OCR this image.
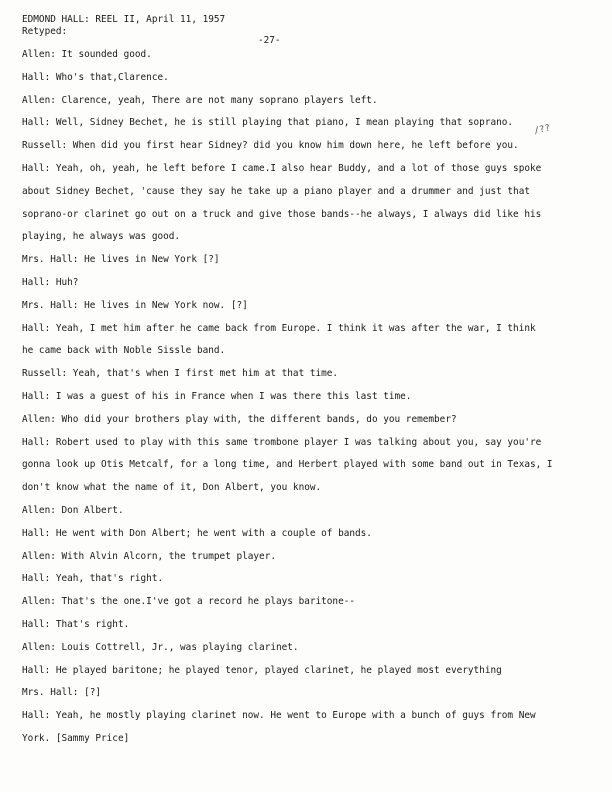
EDMOND HALL: REEL II, April 11, 1957
Retyped:
-27-
/??
Allen: It sounded good.
Hall: Who's that,Clarence.
Allen: Clarence, yeah, There are not many soprano players left.
Hall: Well, Sidney Bechet, he is still playing that piano, I mean playing that soprano.
Russell: When did you first hear Sidney? did you know him down here, he left before you.
Hall: Yeah, oh, yeah, he left before I came.I also hear Buddy, and a lot of those guys spoke
about Sidney Bechet, 'cause they say he take up a piano player and a drummer and just that
soprano-or clarinet go out on a truck and give those bands--he always, I always did like his
playing, he always was good.
Mrs. Hall: He lives in New York [?]
Hall: Huh?
Mrs. Hall: He lives in New York now. [?]
Hall: Yeah, I met him after he came back from Europe. I think it was after the war, I think
he came back with Noble Sissle band.
Russell: Yeah, that's when I first met him at that time.
Hall: I was a guest of his in France when I was there this last time.
Allen: Who did your brothers play with, the different bands, do you remember?
Hall: Robert used to play with this same trombone player I was talking about you, say you're
gonna look up Otis Metcalf, for a long time, and Herbert played with some band out in Texas, I
don't know what the name of it, Don Albert, you know.
Allen: Don Albert.
Hall: He went with Don Albert; he went with a couple of bands.
Allen: With Alvin Alcorn, the trumpet player.
Hall: Yeah, that's right.
Allen: That's the one.I've got a record he plays baritone--
Hall: That's right.
Allen: Louis Cottrell, Jr., was playing clarinet.
Hall: He played baritone; he played tenor, played clarinet, he played most everything
Mrs. Hall: [?]
Hall: Yeah, he mostly playing clarinet now. He went to Europe with a bunch of guys from New
York. [Sammy Price]
